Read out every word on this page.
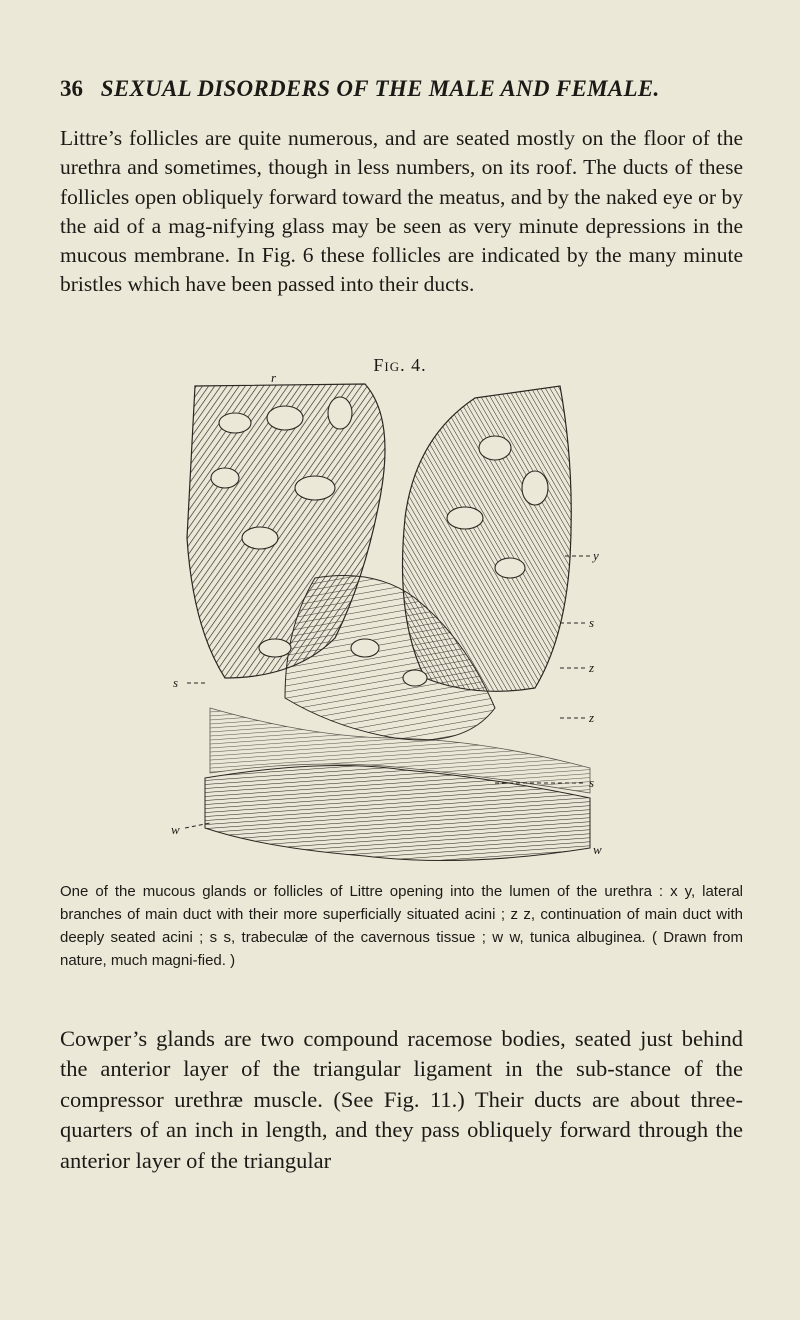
36 SEXUAL DISORDERS OF THE MALE AND FEMALE.
Littre’s follicles are quite numerous, and are seated mostly on the floor of the urethra and sometimes, though in less numbers, on its roof. The ducts of these follicles open obliquely forward toward the meatus, and by the naked eye or by the aid of a mag-nifying glass may be seen as very minute depressions in the mucous membrane. In Fig. 6 these follicles are indicated by the many minute bristles which have been passed into their ducts.
Fig. 4.
r
y
s
z
z
s
s
w
w
One of the mucous glands or follicles of Littre opening into the lumen of the urethra : x y, lateral branches of main duct with their more superficially situated acini ; z z, continuation of main duct with deeply seated acini ; s s, trabeculæ of the cavernous tissue ; w w, tunica albuginea. ( Drawn from nature, much magni-fied. )
Cowper’s glands are two compound racemose bodies, seated just behind the anterior layer of the triangular ligament in the sub-stance of the compressor urethræ muscle. (See Fig. 11.) Their ducts are about three-quarters of an inch in length, and they pass obliquely forward through the anterior layer of the triangular
